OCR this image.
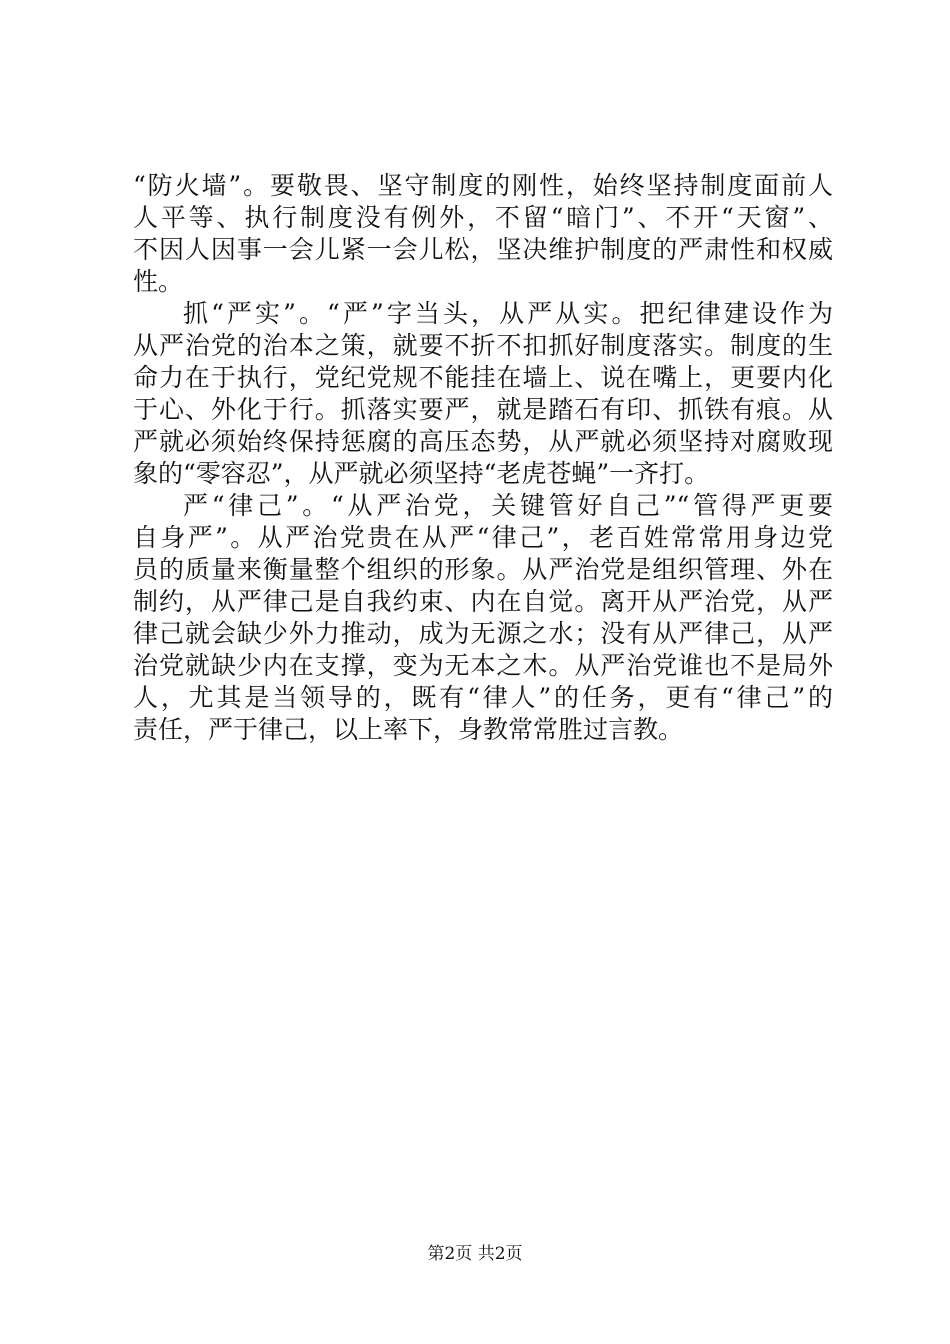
“防火墙”。要敬畏、坚守制度的刚性，始终坚持制度面前人
人平等、执行制度没有例外，不留“暗门”、不开“天窗”、
不因人因事一会儿紧一会儿松，坚决维护制度的严肃性和权威
性。
抓“严实”。“严”字当头，从严从实。把纪律建设作为
从严治党的治本之策，就要不折不扣抓好制度落实。制度的生
命力在于执行，党纪党规不能挂在墙上、说在嘴上，更要内化
于心、外化于行。抓落实要严，就是踏石有印、抓铁有痕。从
严就必须始终保持惩腐的高压态势，从严就必须坚持对腐败现
象的“零容忍”，从严就必须坚持“老虎苍蝇”一齐打。
严“律己”。“从严治党，关键管好自己”“管得严更要
自身严”。从严治党贵在从严“律己”，老百姓常常用身边党
员的质量来衡量整个组织的形象。从严治党是组织管理、外在
制约，从严律己是自我约束、内在自觉。离开从严治党，从严
律己就会缺少外力推动，成为无源之水；没有从严律己，从严
治党就缺少内在支撑，变为无本之木。从严治党谁也不是局外
人，尤其是当领导的，既有“律人”的任务，更有“律己”的
责任，严于律己，以上率下，身教常常胜过言教。
第2页 共2页
